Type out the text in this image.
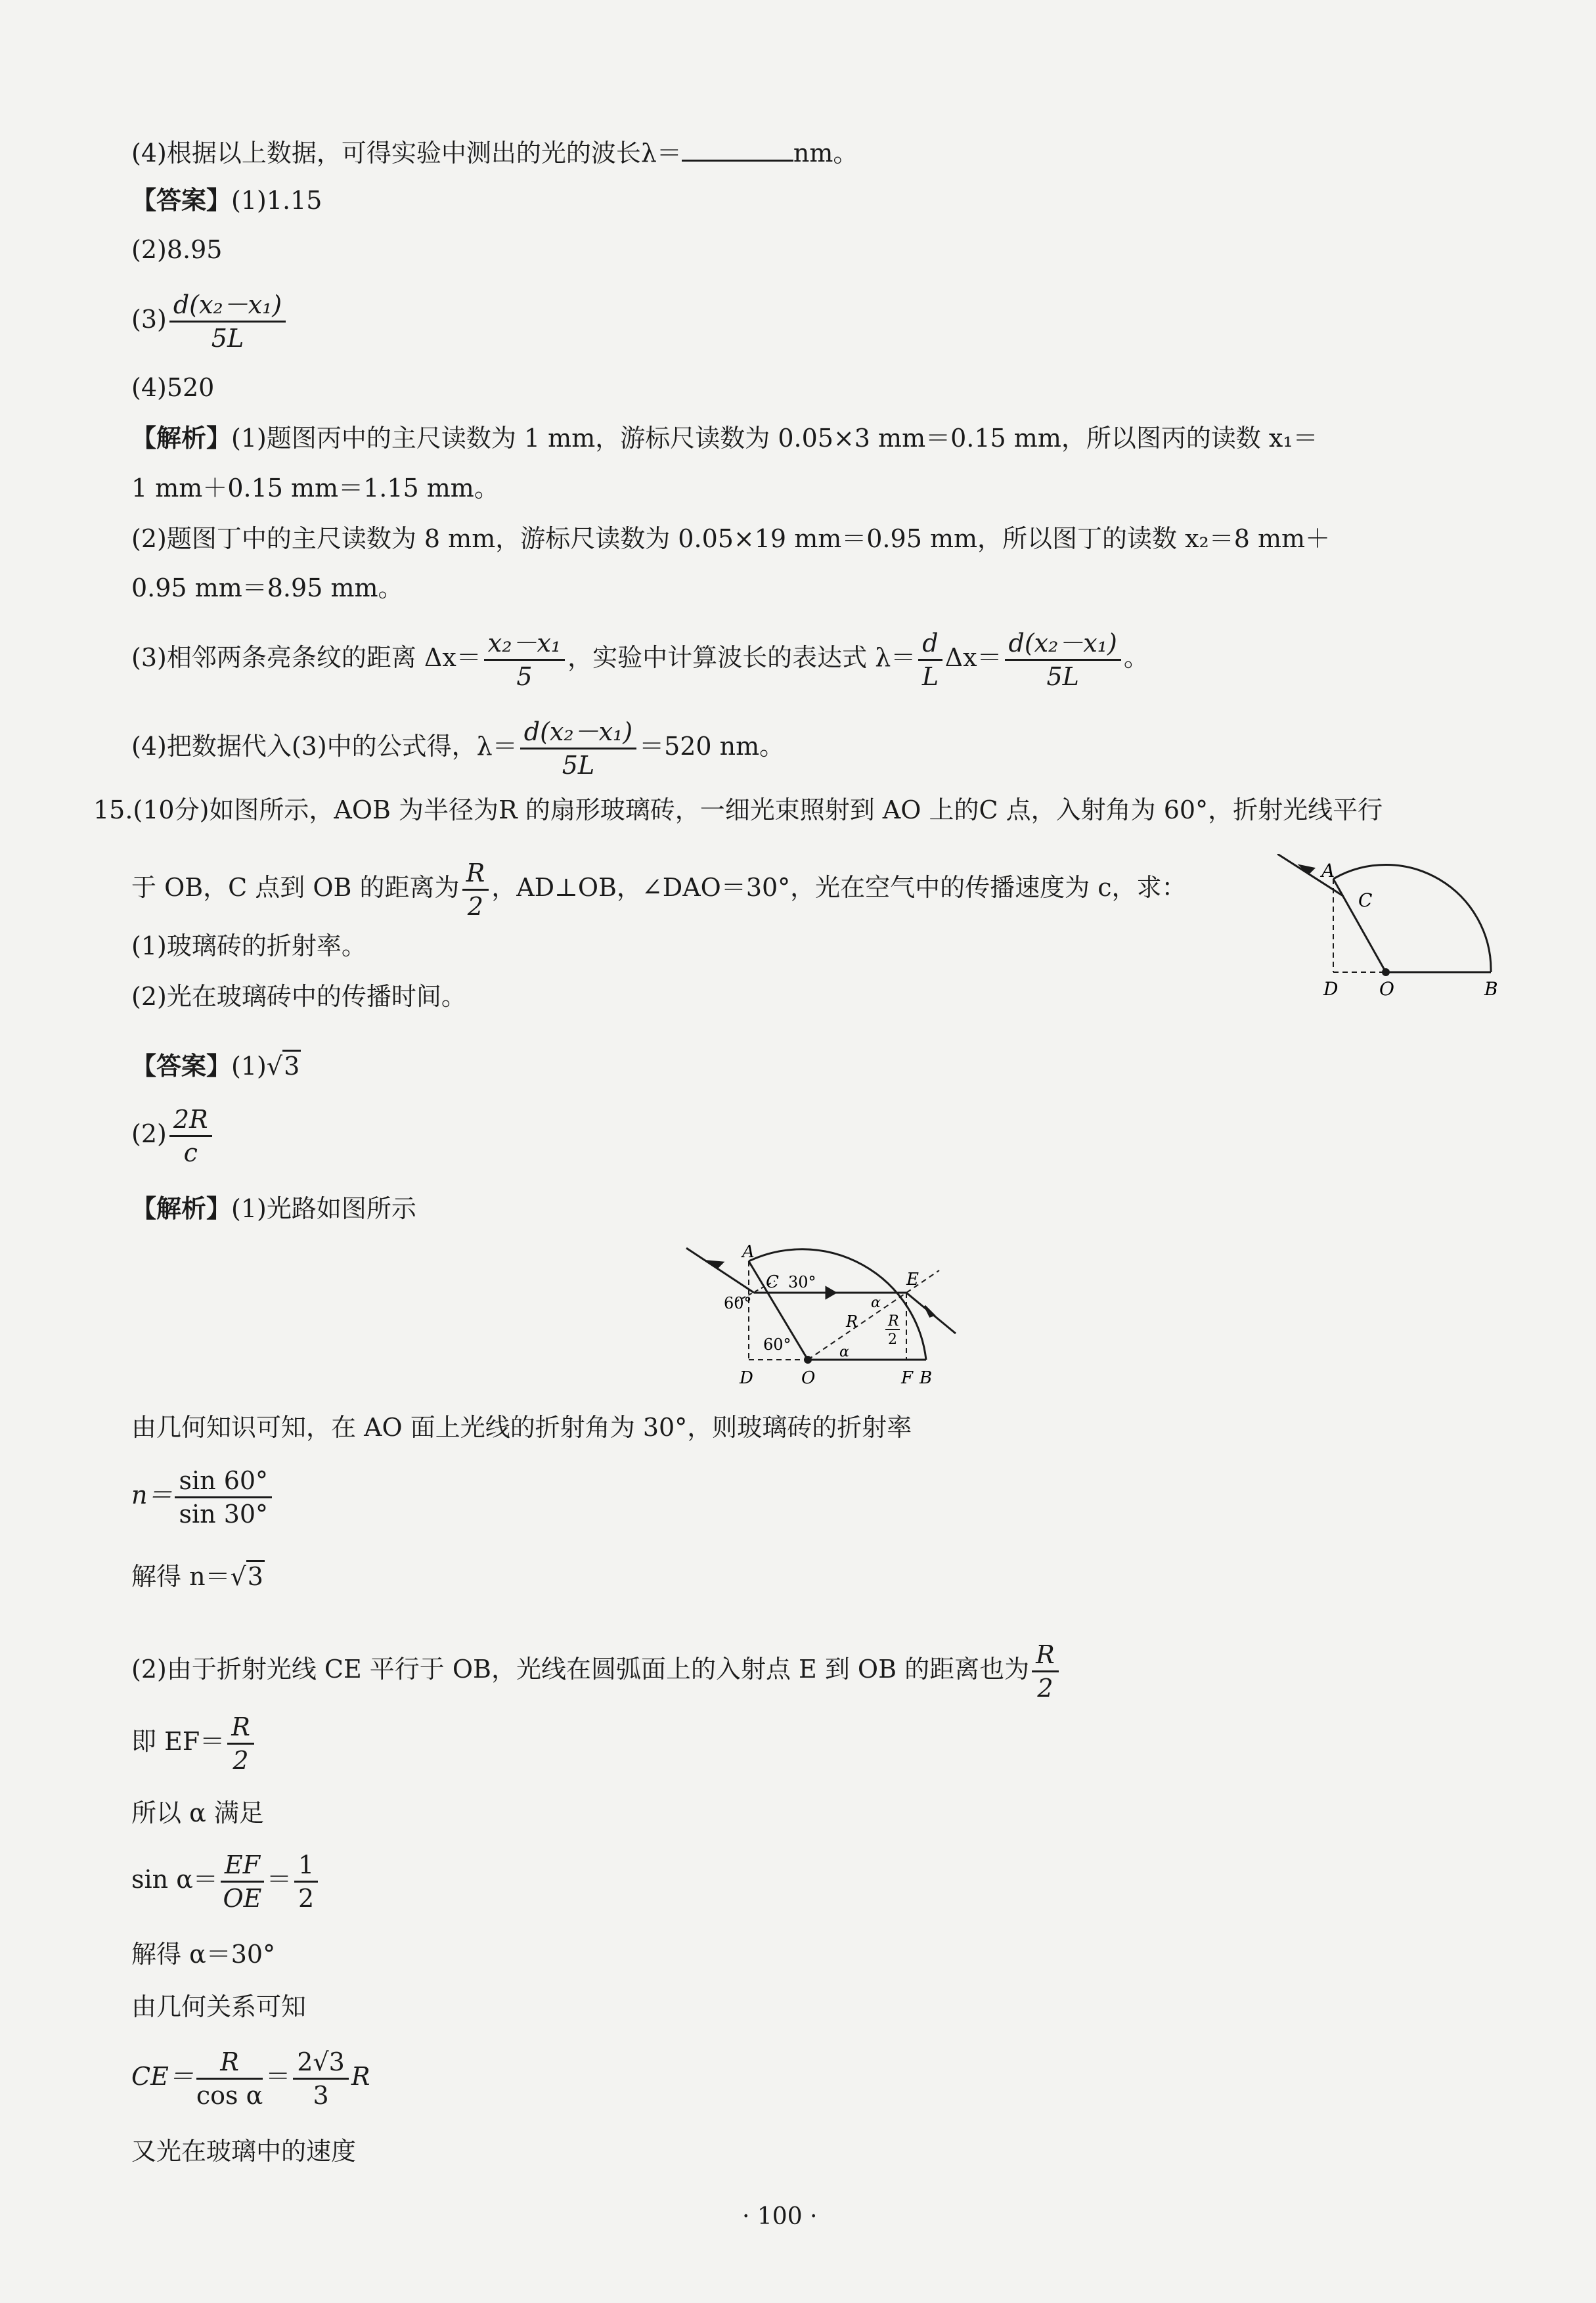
(4)根据以上数据，可得实验中测出的光的波长λ＝	nm。
【答案】(1)1.15
(2)8.95
$(3) \frac{\text{d(x₂－x₁)}}{5L}$
(4)520
【解析】(1)题图丙中的主尺读数为 1 mm，游标尺读数为 0.05×3 mm＝0.15 mm，所以图丙的读数 x₁＝
1 mm＋0.15 mm＝1.15 mm。
(2)题图丁中的主尺读数为 8 mm，游标尺读数为 0.05×19 mm＝0.95 mm，所以图丁的读数 x₂＝8 mm＋
0.95 mm＝8.95 mm。
(3)相邻两条亮条纹的距离 $\Delta x= \frac{\text{x₂－x₁}}{5}$ ，实验中计算波长的表达式 $\lambda= \frac{d}{L} \Delta x= \frac{\text{d(x₂－x₁)}}{5L}$ 。
(4)把数据代入(3)中的公式得，$\lambda= \frac{\text{d(x₂－x₁)}}{5L} =520$ nm。
15.(10分)如图所示，AOB 为半径为R 的扇形玻璃砖，一细光束照射到 AO 上的C 点，入射角为 60°，折射光线平行
于 OB，C 点到 OB 的距离为 $\frac{R}{2}$ ，AD⊥OB，∠DAO＝30°，光在空气中的传播速度为 c，求：
(1)玻璃砖的折射率。
(2)光在玻璃砖中的传播时间。
A
C
D O	B
【答案】(1)√3
$(2) \frac{2R}{c}$
【解析】(1)光路如图所示
A
C 30°	E
60°
60°
α
α
R R
2
D	O	F B
由几何知识可知，在 AO 面上光线的折射角为 30°，则玻璃砖的折射率
$n= \frac{\sin 60^\circ}{\sin 30^\circ}$
解得 n＝√3
(2)由于折射光线 CE 平行于 OB，光线在圆弧面上的入射点 E 到 OB 的距离也为 $\frac{R}{2}$
即 $EF= \frac{R}{2}$
所以 α 满足
$\sin \alpha= \frac{EF}{OE} = \frac{1}{2}$
解得 α＝30°
由几何关系可知
$CE= \frac{R}{\text{cos α}} = \frac{2√3}{3}$ R
又光在玻璃中的速度
· 100 ·
